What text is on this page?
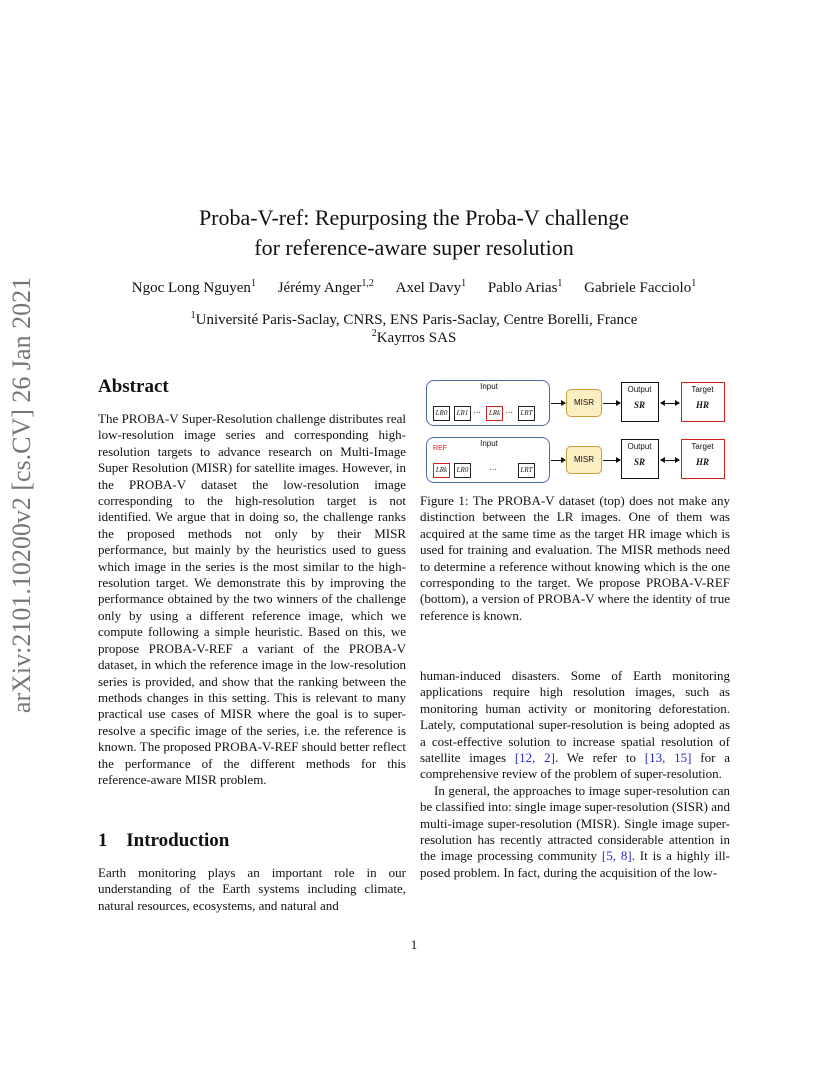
arXiv:2101.10200v2 [cs.CV] 26 Jan 2021
Proba-V-ref: Repurposing the Proba-V challenge
for reference-aware super resolution
Ngoc Long Nguyen$^1$ Jérémy Anger$^{1,2}$ Axel Davy$^1$ Pablo Arias$^1$ Gabriele Facciolo$^1$
$^1$Université Paris-Saclay, CNRS, ENS Paris-Saclay, Centre Borelli, France
$^2$Kayrros SAS
Abstract

The PROBA-V Super-Resolution challenge distributes real low-resolution image series and corresponding high-resolution targets to advance research on Multi-Image Super Resolution (MISR) for satellite images. However, in the PROBA-V dataset the low-resolution image corresponding to the high-resolution target is not identified. We argue that in doing so, the challenge ranks the proposed methods not only by their MISR performance, but mainly by the heuristics used to guess which image in the series is the most similar to the high-resolution target. We demonstrate this by improving the performance obtained by the two winners of the challenge only by using a different reference image, which we compute following a simple heuristic. Based on this, we propose PROBA-V-REF a variant of the PROBA-V dataset, in which the reference image in the low-resolution series is provided, and show that the ranking between the methods changes in this setting. This is relevant to many practical use cases of MISR where the goal is to super-resolve a specific image of the series, i.e. the reference is known. The proposed PROBA-V-REF should better reflect the performance of the different methods for this reference-aware MISR problem.

1 Introduction

Earth monitoring plays an important role in our understanding of the Earth systems including climate, natural resources, ecosystems, and natural and

Input
LR0	LR1 ···	LRk ···	LRT
MISR
Output
SR
Target
HR
Input
REF
LRk	LR0	···	LRT
MISR
Output
SR
Target
HR

Figure 1: The PROBA-V dataset (top) does not make any distinction between the LR images. One of them was acquired at the same time as the target HR image which is used for training and evaluation. The MISR methods need to determine a reference without knowing which is the one corresponding to the target. We propose PROBA-V-REF (bottom), a version of PROBA-V where the identity of true reference is known.

human-induced disasters. Some of Earth monitoring applications require high resolution images, such as monitoring human activity or monitoring deforestation. Lately, computational super-resolution is being adopted as a cost-effective solution to increase spatial resolution of satellite images [12, 2]. We refer to [13, 15] for a comprehensive review of the problem of super-resolution.

In general, the approaches to image super-resolution can be classified into: single image super-resolution (SISR) and multi-image super-resolution (MISR). Single image super-resolution has recently attracted considerable attention in the image processing community [5, 8]. It is a highly ill-posed problem. In fact, during the acquisition of the low-

1
